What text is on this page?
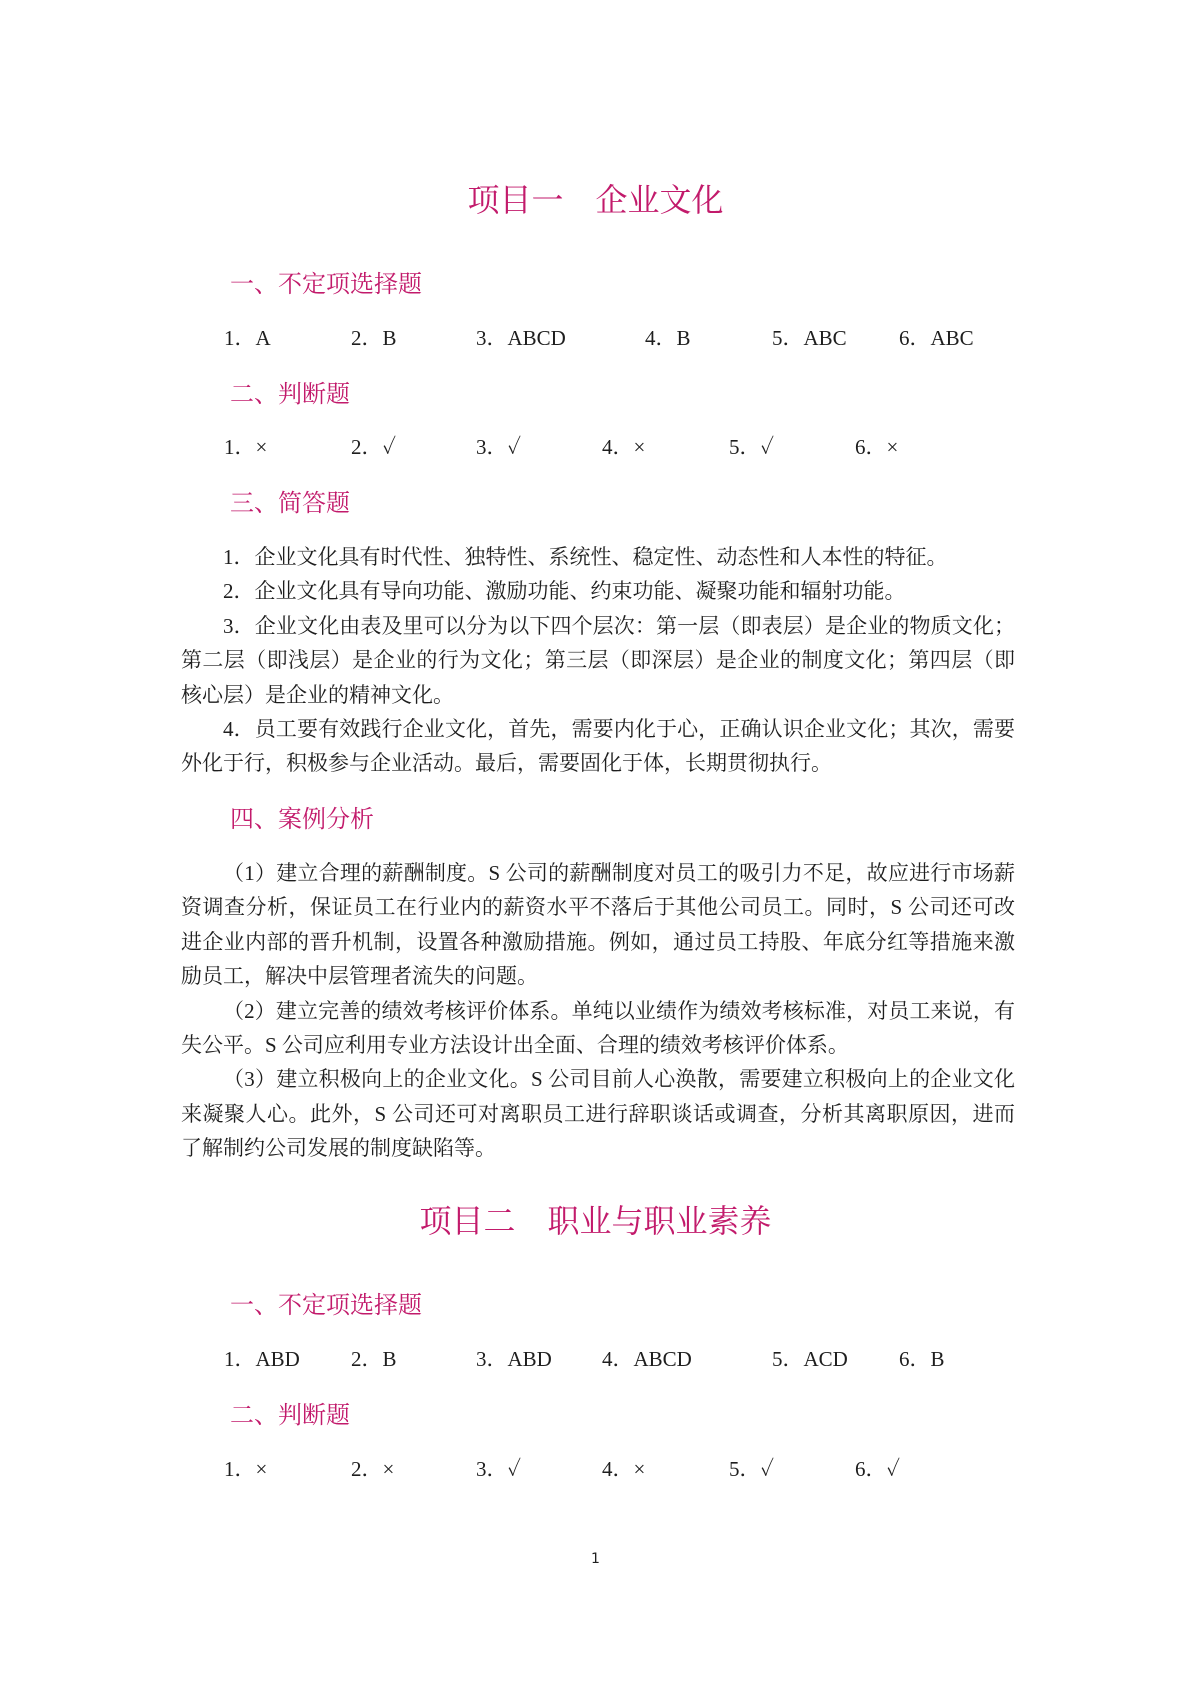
项目一 企业文化
一、不定项选择题
1．A	2．B	3．ABCD	4．B	5．ABC 6．ABC
二、判断题
1．×	2．✓	3．✓	4．×	5．✓	6．×
三、简答题

1．企业文化具有时代性、独特性、系统性、稳定性、动态性和人本性的特征。

2．企业文化具有导向功能、激励功能、约束功能、凝聚功能和辐射功能。

3．企业文化由表及里可以分为以下四个层次：第一层（即表层）是企业的物质文化；第二层（即浅层）是企业的行为文化；第三层（即深层）是企业的制度文化；第四层（即核心层）是企业的精神文化。

4．员工要有效践行企业文化，首先，需要内化于心，正确认识企业文化；其次，需要外化于行，积极参与企业活动。最后，需要固化于体，长期贯彻执行。

四、案例分析

（1）建立合理的薪酬制度。S 公司的薪酬制度对员工的吸引力不足，故应进行市场薪资调查分析，保证员工在行业内的薪资水平不落后于其他公司员工。同时，S 公司还可改进企业内部的晋升机制，设置各种激励措施。例如，通过员工持股、年底分红等措施来激励员工，解决中层管理者流失的问题。

（2）建立完善的绩效考核评价体系。单纯以业绩作为绩效考核标准，对员工来说，有失公平。S 公司应利用专业方法设计出全面、合理的绩效考核评价体系。

（3）建立积极向上的企业文化。S 公司目前人心涣散，需要建立积极向上的企业文化来凝聚人心。此外，S 公司还可对离职员工进行辞职谈话或调查，分析其离职原因，进而了解制约公司发展的制度缺陷等。

项目二 职业与职业素养
一、不定项选择题
1．ABD 2．B	3．ABD 4．ABCD	5．ACD 6．B
二、判断题
1．×	2．×	3．✓	4．×	5．✓	6．✓
1
